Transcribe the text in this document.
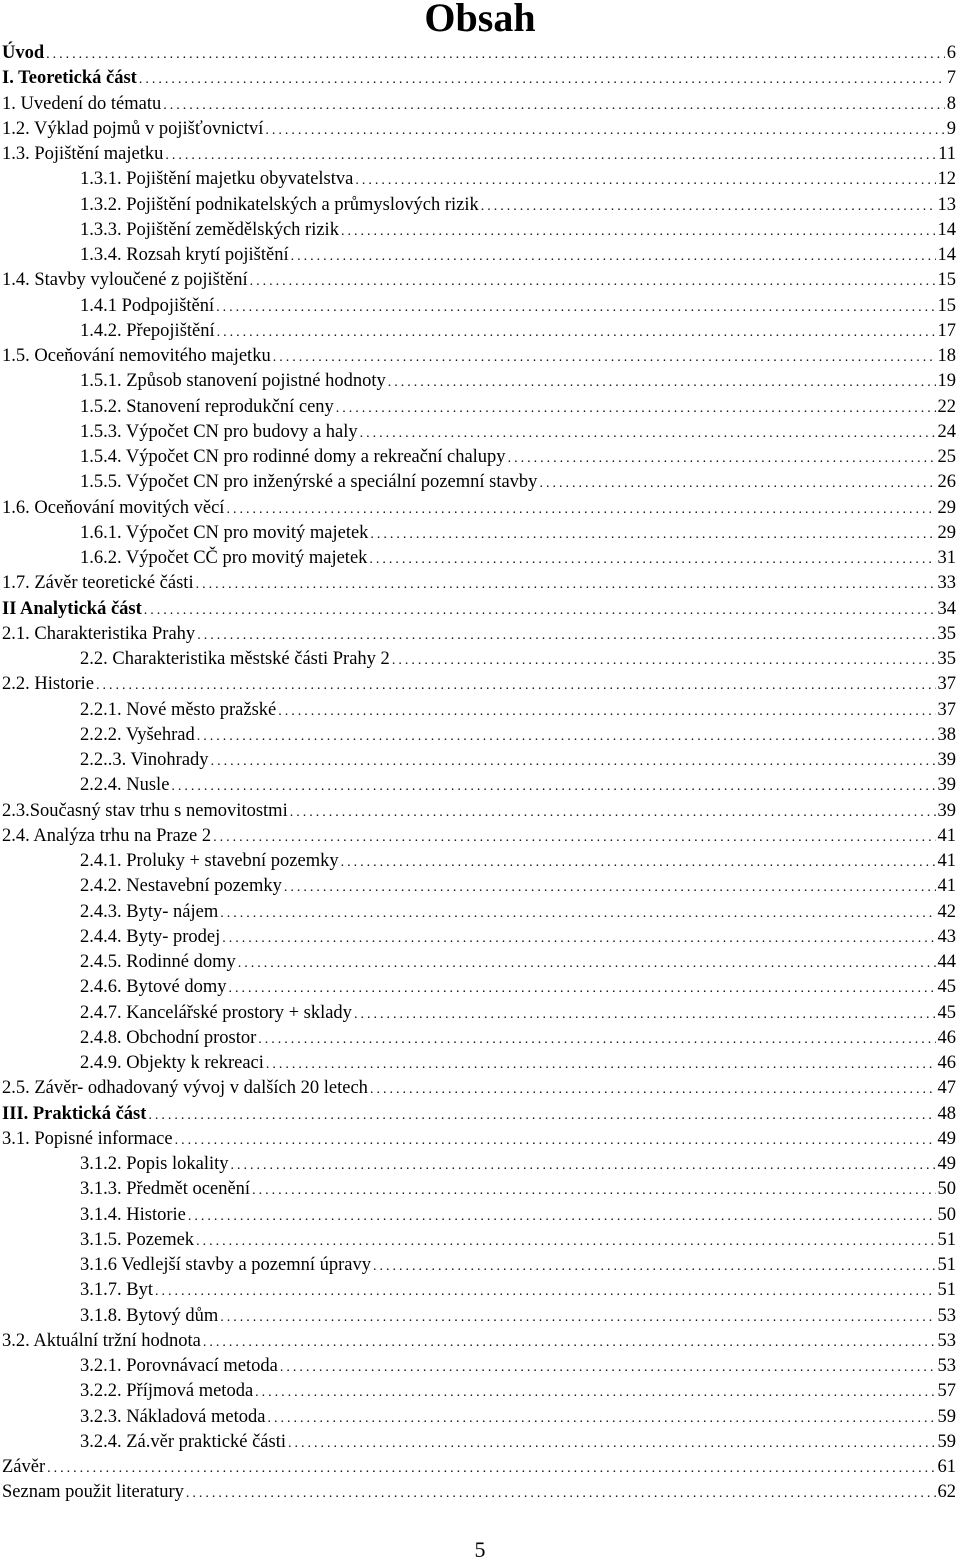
Obsah
Úvod .....	6
I. Teoretická část .....	7
1. Uvedení do tématu .....	8
1.2. Výklad pojmů v pojišťovnictví .....	9
1.3. Pojištění majetku .....	11
1.3.1. Pojištění majetku obyvatelstva .....	12
1.3.2. Pojištění podnikatelských a průmyslových rizik .....	13
1.3.3. Pojištění zemědělských rizik .....	14
1.3.4. Rozsah krytí pojištění .....	14
1.4. Stavby vyloučené z pojištění .....	15
1.4.1 Podpojištění .....	15
1.4.2. Přepojištění .....	17
1.5. Oceňování nemovitého majetku .....	18
1.5.1. Způsob stanovení pojistné hodnoty .....	19
1.5.2. Stanovení reprodukční ceny .....	22
1.5.3. Výpočet CN pro budovy a haly .....	24
1.5.4. Výpočet CN pro rodinné domy a rekreační chalupy .....	25
1.5.5. Výpočet CN pro inženýrské a speciální pozemní stavby .....	26
1.6. Oceňování movitých věcí .....	29
1.6.1. Výpočet CN pro movitý majetek .....	29
1.6.2. Výpočet CČ pro movitý majetek .....	31
1.7. Závěr teoretické části .....	33
II Analytická část .....	34
2.1. Charakteristika Prahy .....	35
2.2. Charakteristika městské části Prahy 2 .....	35
2.2. Historie .....	37
2.2.1. Nové město pražské .....	37
2.2.2. Vyšehrad .....	38
2.2..3. Vinohrady .....	39
2.2.4. Nusle .....	39
2.3.Současný stav trhu s nemovitostmi .....	39
2.4. Analýza trhu na Praze 2 .....	41
2.4.1. Proluky + stavební pozemky .....	41
2.4.2. Nestavební pozemky .....	41
2.4.3. Byty- nájem .....	42
2.4.4. Byty- prodej .....	43
2.4.5. Rodinné domy .....	44
2.4.6. Bytové domy .....	45
2.4.7. Kancelářské prostory + sklady .....	45
2.4.8. Obchodní prostor .....	46
2.4.9. Objekty k rekreaci .....	46
2.5. Závěr- odhadovaný vývoj v dalších 20 letech .....	47
III. Praktická část .....	48
3.1. Popisné informace .....	49
3.1.2. Popis lokality .....	49
3.1.3. Předmět ocenění .....	50
3.1.4. Historie .....	50
3.1.5. Pozemek .....	51
3.1.6 Vedlejší stavby a pozemní úpravy .....	51
3.1.7. Byt .....	51
3.1.8. Bytový dům .....	53
3.2. Aktuální tržní hodnota .....	53
3.2.1. Porovnávací metoda .....	53
3.2.2. Příjmová metoda .....	57
3.2.3. Nákladová metoda .....	59
3.2.4. Zá.věr praktické části .....	59
Závěr .....	61
Seznam použit literatury .....	62
5
